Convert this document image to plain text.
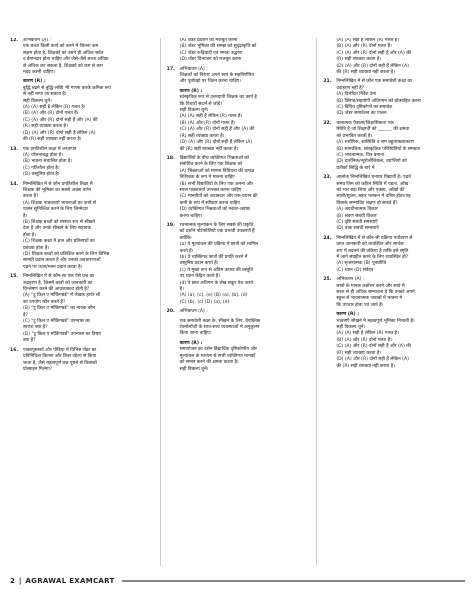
12.	अभिकथन (A) :
एक बच्चा किसी कार्य को करने में जितना कम
सक्षम होता है, शिक्षकों को उसने ही अधिक सर्वत्र
व ईमानदार होना चाहिए और जैसे-जैसे बच्चा अधिक
से अधिक कर सकता है, शिक्षकों को कम से कम
मदद करनी चाहिए।
कारण (R) :
बुद्धि बढ़ने से बुद्धि-लब्धि भी गणना करके क्रमिक रूप
से नहीं मापा जा सकता है।
सही विकल्प चुनें।
(A) (A) सही है लेकिन (R) गलत है।
(B) (A) और (R) दोनों गलत हैं।
(C) (A) और (R) दोनों सही हैं और (A) की
(R) सही व्याख्या करता है।
(D) (A) और (R) दोनों सही हैं लेकिन (A)
की (R) सही व्याख्या नहीं करता है।
13.	एक प्रगतिशील कक्षा में अध्यापन
(A) योजनाबद्ध होता है।
(B) भावना संचालित होता है।
(C) गतिशील होता है।
(D) वस्तुनिष्ठ होता है।
14.	निम्नलिखित में से कौन प्रगतिशील शिक्षा में
शिक्षक की भूमिका का सबसे अच्छा वर्णन
करता है?
(A) शिक्षक पाठ्यचर्या भावनाओं का कार्य से
पालन सुनिश्चित करने के लिए जिम्मेदार
है।
(B) शिक्षक बच्चों को स्पष्टता रूप से सीखने
देता है और उनके सीखने के लिए सहायक
होता है।
(C) शिक्षक कक्षा में ज्ञान और प्रतिस्पर्धा का
प्रबंधक होता है।
(D) शिक्षक बच्चों को प्रशिक्षित करने के लिए विभिन्न
सामग्री प्रदान करता है और उनको अवधारणाओं
पढ़ने पर ध्यान/मनन प्रदान करता है।
15.	निम्नलिखित में से कौन-सा एक ऐसे प्रश्न का
उदाहरण है, जिसमें छात्रों को जानकारी का
विश्लेषण करने की आवश्यकता होती है?
(A) "टू किल ए मॉकिंगबर्ड" में लेखक हार्पर ली
का उपयोग कौन करते हैं?
(B) "टू किल ए मॉकिंगबर्ड" का नायक कौन
है?
(C) "टू किल ए मॉकिंगबर्ड" उपन्यास का
सारांश क्या है?
(D) "टू किल ए मॉकिंगबर्ड" उपन्यास का विषय
क्या है?
16.	पाठ्यपुस्तकों और पीडिया में विभिन्न जेंडर का
प्रतिनिधित्व कितना और किस उद्देश्य से किया
जाता है, जैसे महत्वपूर्ण प्रश्न पूछने से किसको
प्रोत्साहन मिलेगा?
(A) जेंडर प्रदर्शन को मजबूत करना
(B) जेंडर भूमिका की समझ को सुदृढ़ाकृति को
(C) जेंडर रूढ़िवादी एवं समता उद्धरण
(D) जेंडर विभाजन को मजबूत करना
17.	अभिकथन (A) :
शिक्षकों को निरंतर अपने स्वयं के सहनिर्णयित
और पूर्वाग्रहों पर चिंतन करना चाहिए।
कारण (R) :
सांस्कृतिक रूप से उत्तरदायी शिक्षक का कार्य है
कि विचारों संदर्भ से जोड़ें।
सही विकल्प चुनें।
(A) (A) सही है लेकिन (R) गलत है।
(B) (A) और (R) दोनों गलत हैं।
(C) (A) और (R) दोनों सही हैं और (A) की
(R) सही व्याख्या करता है।
(D) (A) और (R) दोनों सही हैं लेकिन (A)
की (R) सही व्याख्या नहीं करता है।
18.	विद्यार्थियों के बीच व्यक्तिगत भिन्नताओं को
संबोधित करने के लिए एक शिक्षक को
(A) भिन्नताओं को मानना विविधता की प्रत्यक्ष
निशिचता के रूप में मानना चाहिए
(B) सभी विद्यार्थियों के लिए एक अनन्य और
सरल पाठ्यचर्या उपलब्ध करना चाहिए
(C) मानवीयों को जवाबदार और एक-प्रधान की
कमी के रूप में स्वीकार करना चाहिए
(D) व्यक्तिगत भिन्नताओं को नकार-अवांछ
करना चाहिए।
19.	रचनात्मक मूल्यांकन के लिए सबसे की प्रकृति
को दर्शाने पोर्टफोलियो एक प्रभावी उपकरणें हैं
क्योंकि-
(a) ये मूल्यांकन की प्रक्रिया में छात्रों को शामिल
करते हैं।
(b) ये व्यक्तिगत छात्रों की प्रगति करने में
वस्तुनिष्ठ प्रदान करते हैं।
(c) ये मुख्य रूप से अंतिम उत्पाद की प्रस्तुति
पर ध्यान केंद्रित करते हैं।
(d) ये छात्र अधिगम के लेख संकूर पेश करते
हैं।
(A) (a), (c), (e) (B) (a), (b), (d)
(C) (b), (c) (D) (a), (d)
20.	अभिकथन (A) :
एक समावेशी कक्षा के, सीखने के लिए, वैयक्तिक
टेक्नोलॉजी के साथ-साथ व्यवस्थाओं में अनुकूलन
किया जाना चाहिए।
कारण (R) :
समायोजन का दर्शन विद्यार्थिक दृष्टिकोणीय और
मूल्यांकन के माध्यम से सभी व्यक्तिगत मानकों
को समान करने की क्षमता करता है।
सही विकल्प चुनें।
(A) (A) सही है लेकिन (R) गलत है।
(B) (A) और (R) दोनों गलत हैं।
(C) (A) और (R) दोनों सही हैं और (A) की
(R) सही व्याख्या करता है।
(D) (A) और (R) दोनों सही हैं लेकिन (A)
की (R) सही व्याख्या नहीं करता है।
21.	निम्नलिखित में से कौन एक समावेशी कक्षा का
उदाहरण नहीं है?
(A) विभेदित निर्देश देना
(B) फ्लिप्ड/सहयोगी अधिगमन को प्रोत्साहित करना
(C) विविध दृष्टिकोणों का समावेश
(D) जेंडर समावेशन का पालन
22.	कलात्मक फैसला/जिज्ञासिकता एक
स्थिति है जो शिक्षार्थी को ______ की क्षमता
को प्रभावित करती है।
(A) शारीरिक, स्वस्थिति व सम बहुव्याख्याकरण
(B) सामाजिक, सांस्कृतिक परिस्थितियों के समग्रता
(C) भावनात्मक, चित्र बनाना
(D) दार्शनिक/न्यूरोलॉजिकल, व्याप्तियों को
प्रतीकों सिद्धि के बारे में
23.	आलोक निम्नलिखित घनाघर विद्यार्थी है। पढ़ते
समय जिम को कठिन स्थिति में पड़ता, आँख
को भार बढ़ा लिया और एकाग्र, आँखों की
लाली/सूजन, बहार पलकन में धनिष्ट होता।यह
किसके सम्भावित लक्षण हो सकते हैं?
(A) अवधीनात्मक विकार
(B) श्रवण संबंधी विकार
(C) दृष्टि संबंधी समस्याएँ
(D) वाक संबंधी समस्याएँ
24.	निम्नलिखित में से कौन-सी प्रक्रिया पर्यावरण से
प्राप्त जानकारी को व्यवस्थित और सार्थक
रूप में बदलने की प्रक्रिया है ताकि इसे स्मृति
में आगे संग्रहीत करने के लिए व्यवस्थित हो?
(A) सृजनात्मक (B) पुनर्प्राप्ति
(C) ध्यान (D) संवेदन
25.	अभिकथन (A) :
छात्रों के मानक प्रश्नोत्तर करने और स्वयं में
सरल से ही अधिक सम्भावना है कि उनको अपने
स्कूल से भावनात्मक जवाबों में भावना मे
कि उपचार होता एवं जाते हैं।
कारण (R) :
भावनाएँ सीखने में महत्वपूर्ण भूमिका निभाती हैं।
सही विकल्प चुनें।
(A) (A) सही है लेकिन (R) गलत है।
(B) (A) और (R) दोनों गलत हैं।
(C) (A) और (R) दोनों सही हैं और (A) की
(R) सही व्याख्या करता है।
(D) (A) और (R) दोनों सही हैं लेकिन (A)
की (R) सही व्याख्या नहीं करता है।
2 | AGRAWAL EXAMCART
